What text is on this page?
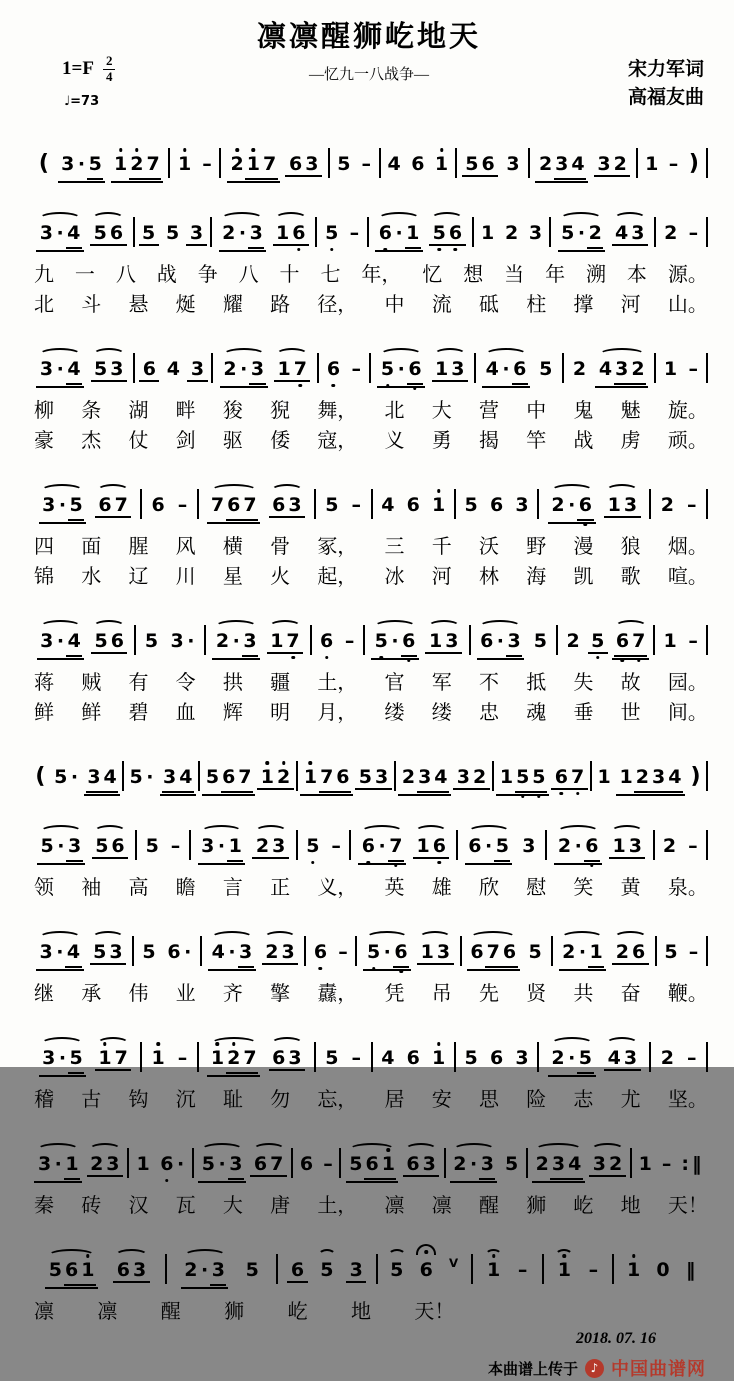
凛凛醒狮屹地天
—忆九一八战争—
$1=F \frac{2}{4}$
♩=73
宋力军词
高福友曲
( 3 · 5 1 2 7 1 – 2 1 7 6 3 5 – 4 6 1 5 6 3 2 3 4 3 2 1 – )
3 · 4 5 6 5 5 3 2 · 3 1 6 5 – 6 · 1 5 6 1 2 3 5 · 2 4 3 2 –
九 一 八 战 争 八 十 七 年， 忆 想 当 年 溯 本 源。
北 斗 悬 烻 耀 路 径， 中 流 砥 柱 撑 河 山。
3 · 4 5 3 6 4 3 2 · 3 1 7 6 – 5 · 6 1 3 4 · 6 5 2 4 3 2 1 –
柳 条 湖 畔 狻 猊 舞， 北 大 营 中 鬼 魅 旋。
豪 杰 仗 剑 驱 倭 寇， 义 勇 揭 竿 战 虏 顽。
3 · 5 6 7 6 – 7 6 7 6 3 5 – 4 6 1 5 6 3 2 · 6 1 3 2 –
四 面 腥 风 横 骨 冢， 三 千 沃 野 漫 狼 烟。
锦 水 辽 川 星 火 起， 冰 河 林 海 凯 歌 喧。
3 · 4 5 6 5 3 · 2 · 3 1 7 6 – 5 · 6 1 3 6 · 3 5 2 5 6 7 1 –
蒋 贼 有 令 拱 疆 土， 官 军 不 抵 失 故 园。
鲜 鲜 碧 血 辉 明 月， 缕 缕 忠 魂 垂 世 间。
( 5 · 3 4 5 · 3 4 5 6 7 1 2 1 7 6 5 3 2 3 4 3 2 1 5 5 6 7 1 1 2 3 4 )
5 · 3 5 6 5 – 3 · 1 2 3 5 – 6 · 7 1 6 6 · 5 3 2 · 6 1 3 2 –
领 袖 高 瞻 言 正 义， 英 雄 欣 慰 笑 黄 泉。
3 · 4 5 3 5 6 · 4 · 3 2 3 6 – 5 · 6 1 3 6 7 6 5 2 · 1 2 6 5 –
继 承 伟 业 齐 擎 纛， 凭 吊 先 贤 共 奋 鞭。
3 · 5 1 7 1 – 1 2 7 6 3 5 – 4 6 1 5 6 3 2 · 5 4 3 2 –
稽 古 钩 沉 耻 勿 忘， 居 安 思 险 志 尤 坚。
3 · 1 2 3 1 6 · 5 · 3 6 7 6 – 5 6 1 6 3 2 · 3 5 2 3 4 3 2 1 – : ‖
秦 砖 汉 瓦 大 唐 土， 凛 凛 醒 狮 屹 地 天！
5 6 1 6 3 2 · 3 5 6 5 3 5 6 V 1 – 1 – 1 0 ‖
凛 凛 醒 狮 屹 地 天！
2018. 07. 16
本曲谱上传于	♪ 中国曲谱网
